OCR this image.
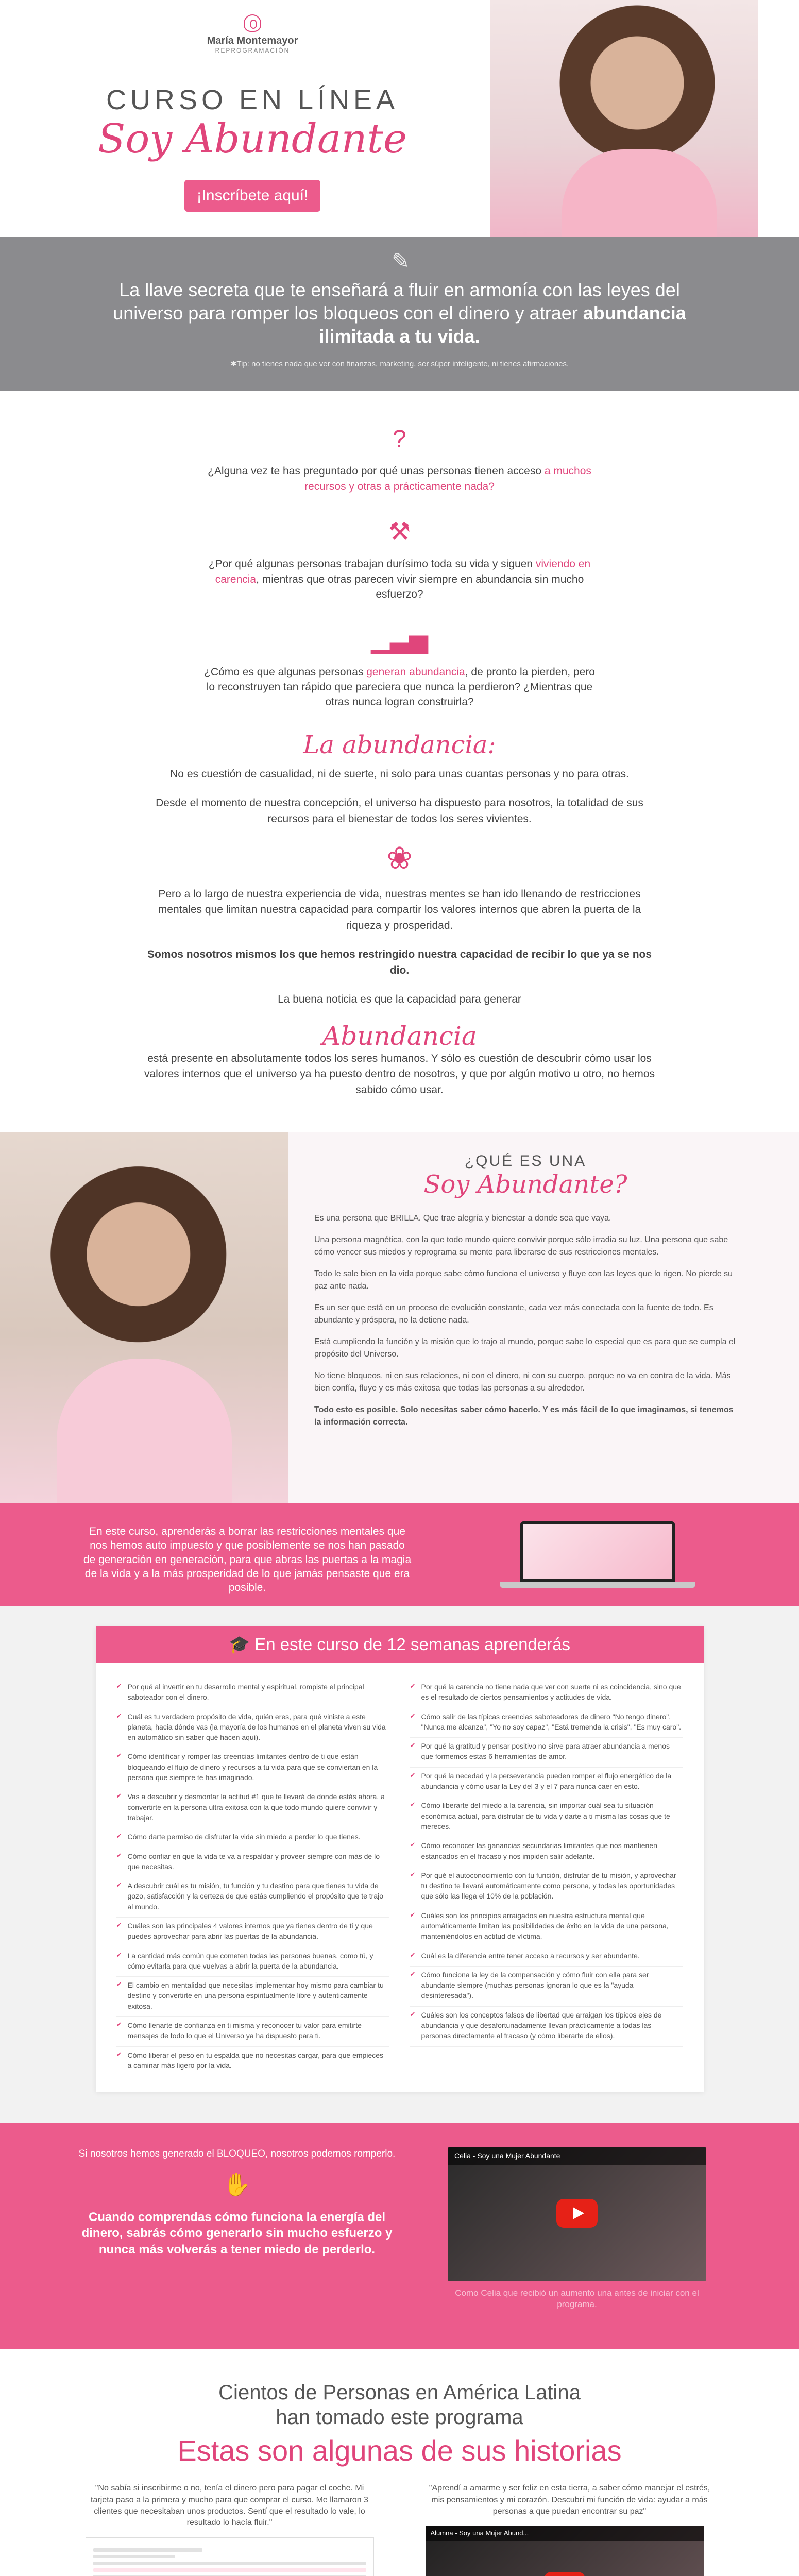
María Montemayor
REPROGRAMACIÓN
CURSO EN LÍNEA
Soy Abundante
¡Inscríbete aquí!
✎
La llave secreta que te enseñará a fluir en armonía con las leyes del universo para romper los bloqueos con el dinero y atraer abundancia ilimitada a tu vida.

✱Tip: no tienes nada que ver con finanzas, marketing, ser súper inteligente, ni tienes afirmaciones.

?
¿Alguna vez te has preguntado por qué unas personas tienen acceso a muchos recursos y otras a prácticamente nada?
⚒
¿Por qué algunas personas trabajan durísimo toda su vida y siguen viviendo en carencia, mientras que otras parecen vivir siempre en abundancia sin mucho esfuerzo?
▁▃▅
¿Cómo es que algunas personas generan abundancia, de pronto la pierden, pero lo reconstruyen tan rápido que pareciera que nunca la perdieron? ¿Mientras que otras nunca logran construirla?
La abundancia:

No es cuestión de casualidad, ni de suerte, ni solo para unas cuantas personas y no para otras.

Desde el momento de nuestra concepción, el universo ha dispuesto para nosotros, la totalidad de sus recursos para el bienestar de todos los seres vivientes.

❀

Pero a lo largo de nuestra experiencia de vida, nuestras mentes se han ido llenando de restricciones mentales que limitan nuestra capacidad para compartir los valores internos que abren la puerta de la riqueza y prosperidad.

Somos nosotros mismos los que hemos restringido nuestra capacidad de recibir lo que ya se nos dio.

La buena noticia es que la capacidad para generar

Abundancia

está presente en absolutamente todos los seres humanos. Y sólo es cuestión de descubrir cómo usar los valores internos que el universo ya ha puesto dentro de nosotros, y que por algún motivo u otro, no hemos sabido cómo usar.

¿QUÉ ES UNA
Soy Abundante?

Es una persona que BRILLA. Que trae alegría y bienestar a donde sea que vaya.

Una persona magnética, con la que todo mundo quiere convivir porque sólo irradia su luz. Una persona que sabe cómo vencer sus miedos y reprograma su mente para liberarse de sus restricciones mentales.

Todo le sale bien en la vida porque sabe cómo funciona el universo y fluye con las leyes que lo rigen. No pierde su paz ante nada.

Es un ser que está en un proceso de evolución constante, cada vez más conectada con la fuente de todo. Es abundante y próspera, no la detiene nada.

Está cumpliendo la función y la misión que lo trajo al mundo, porque sabe lo especial que es para que se cumpla el propósito del Universo.

No tiene bloqueos, ni en sus relaciones, ni con el dinero, ni con su cuerpo, porque no va en contra de la vida. Más bien confía, fluye y es más exitosa que todas las personas a su alrededor.

Todo esto es posible. Solo necesitas saber cómo hacerlo. Y es más fácil de lo que imaginamos, si tenemos la información correcta.

En este curso, aprenderás a borrar las restricciones mentales que nos hemos auto impuesto y que posiblemente se nos han pasado de generación en generación, para que abras las puertas a la magia de la vida y a la más prosperidad de lo que jamás pensaste que era posible.

🎓 En este curso de 12 semanas aprenderás
✔ Por qué al invertir en tu desarrollo mental y espiritual, rompiste el principal saboteador con el dinero.
✔ Cuál es tu verdadero propósito de vida, quién eres, para qué viniste a este planeta, hacia dónde vas (la mayoría de los humanos en el planeta viven su vida en automático sin saber qué hacen aquí).
✔ Cómo identificar y romper las creencias limitantes dentro de ti que están bloqueando el flujo de dinero y recursos a tu vida para que se conviertan en la persona que siempre te has imaginado.
✔ Vas a descubrir y desmontar la actitud #1 que te llevará de donde estás ahora, a convertirte en la persona ultra exitosa con la que todo mundo quiere convivir y trabajar.
✔ Cómo darte permiso de disfrutar la vida sin miedo a perder lo que tienes.
✔ Cómo confiar en que la vida te va a respaldar y proveer siempre con más de lo que necesitas.
✔ A descubrir cuál es tu misión, tu función y tu destino para que tienes tu vida de gozo, satisfacción y la certeza de que estás cumpliendo el propósito que te trajo al mundo.
✔ Cuáles son las principales 4 valores internos que ya tienes dentro de ti y que puedes aprovechar para abrir las puertas de la abundancia.
✔ La cantidad más común que cometen todas las personas buenas, como tú, y cómo evitarla para que vuelvas a abrir la puerta de la abundancia.
✔ El cambio en mentalidad que necesitas implementar hoy mismo para cambiar tu destino y convertirte en una persona espiritualmente libre y autenticamente exitosa.
✔ Cómo llenarte de confianza en ti misma y reconocer tu valor para emitirte mensajes de todo lo que el Universo ya ha dispuesto para ti.
✔ Cómo liberar el peso en tu espalda que no necesitas cargar, para que empieces a caminar más ligero por la vida.
✔ Por qué la carencia no tiene nada que ver con suerte ni es coincidencia, sino que es el resultado de ciertos pensamientos y actitudes de vida.
✔ Cómo salir de las típicas creencias saboteadoras de dinero "No tengo dinero", "Nunca me alcanza", "Yo no soy capaz", "Está tremenda la crisis", "Es muy caro".
✔ Por qué la gratitud y pensar positivo no sirve para atraer abundancia a menos que formemos estas 6 herramientas de amor.
✔ Por qué la necedad y la perseverancia pueden romper el flujo energético de la abundancia y cómo usar la Ley del 3 y el 7 para nunca caer en esto.
✔ Cómo liberarte del miedo a la carencia, sin importar cuál sea tu situación económica actual, para disfrutar de tu vida y darte a ti misma las cosas que te mereces.
✔ Cómo reconocer las ganancias secundarias limitantes que nos mantienen estancados en el fracaso y nos impiden salir adelante.
✔ Por qué el autoconocimiento con tu función, disfrutar de tu misión, y aprovechar tu destino te llevará automáticamente como persona, y todas las oportunidades que sólo las llega el 10% de la población.
✔ Cuáles son los principios arraigados en nuestra estructura mental que automáticamente limitan las posibilidades de éxito en la vida de una persona, manteniéndolos en actitud de víctima.
✔ Cuál es la diferencia entre tener acceso a recursos y ser abundante.
✔ Cómo funciona la ley de la compensación y cómo fluir con ella para ser abundante siempre (muchas personas ignoran lo que es la "ayuda desinteresada").
✔ Cuáles son los conceptos falsos de libertad que arraigan los típicos ejes de abundancia y que desafortunadamente llevan prácticamente a todas las personas directamente al fracaso (y cómo liberarte de ellos).
Si nosotros hemos generado el BLOQUEO, nosotros podemos romperlo.
✋
Cuando comprendas cómo funciona la energía del dinero, sabrás cómo generarlo sin mucho esfuerzo y nunca más volverás a tener miedo de perderlo.
Celia - Soy una Mujer Abundante
Como Celia que recibió un aumento una antes de iniciar con el programa.
Cientos de Personas en América Latina
han tomado este programa
Estas son algunas de sus historias

"No sabía si inscribirme o no, tenía el dinero pero para pagar el coche. Mi tarjeta paso a la primera y mucho para que comprar el curso. Me llamaron 3 clientes que necesitaban unos productos. Sentí que el resultado lo vale, lo resultado lo hacía fluir."

"Aprendí a amarme y ser feliz en esta tierra, a saber cómo manejar el estrés, mis pensamientos y mi corazón. Descubrí mi función de vida: ayudar a más personas a que puedan encontrar su paz"

Alumna - Soy una Mujer Abund...
